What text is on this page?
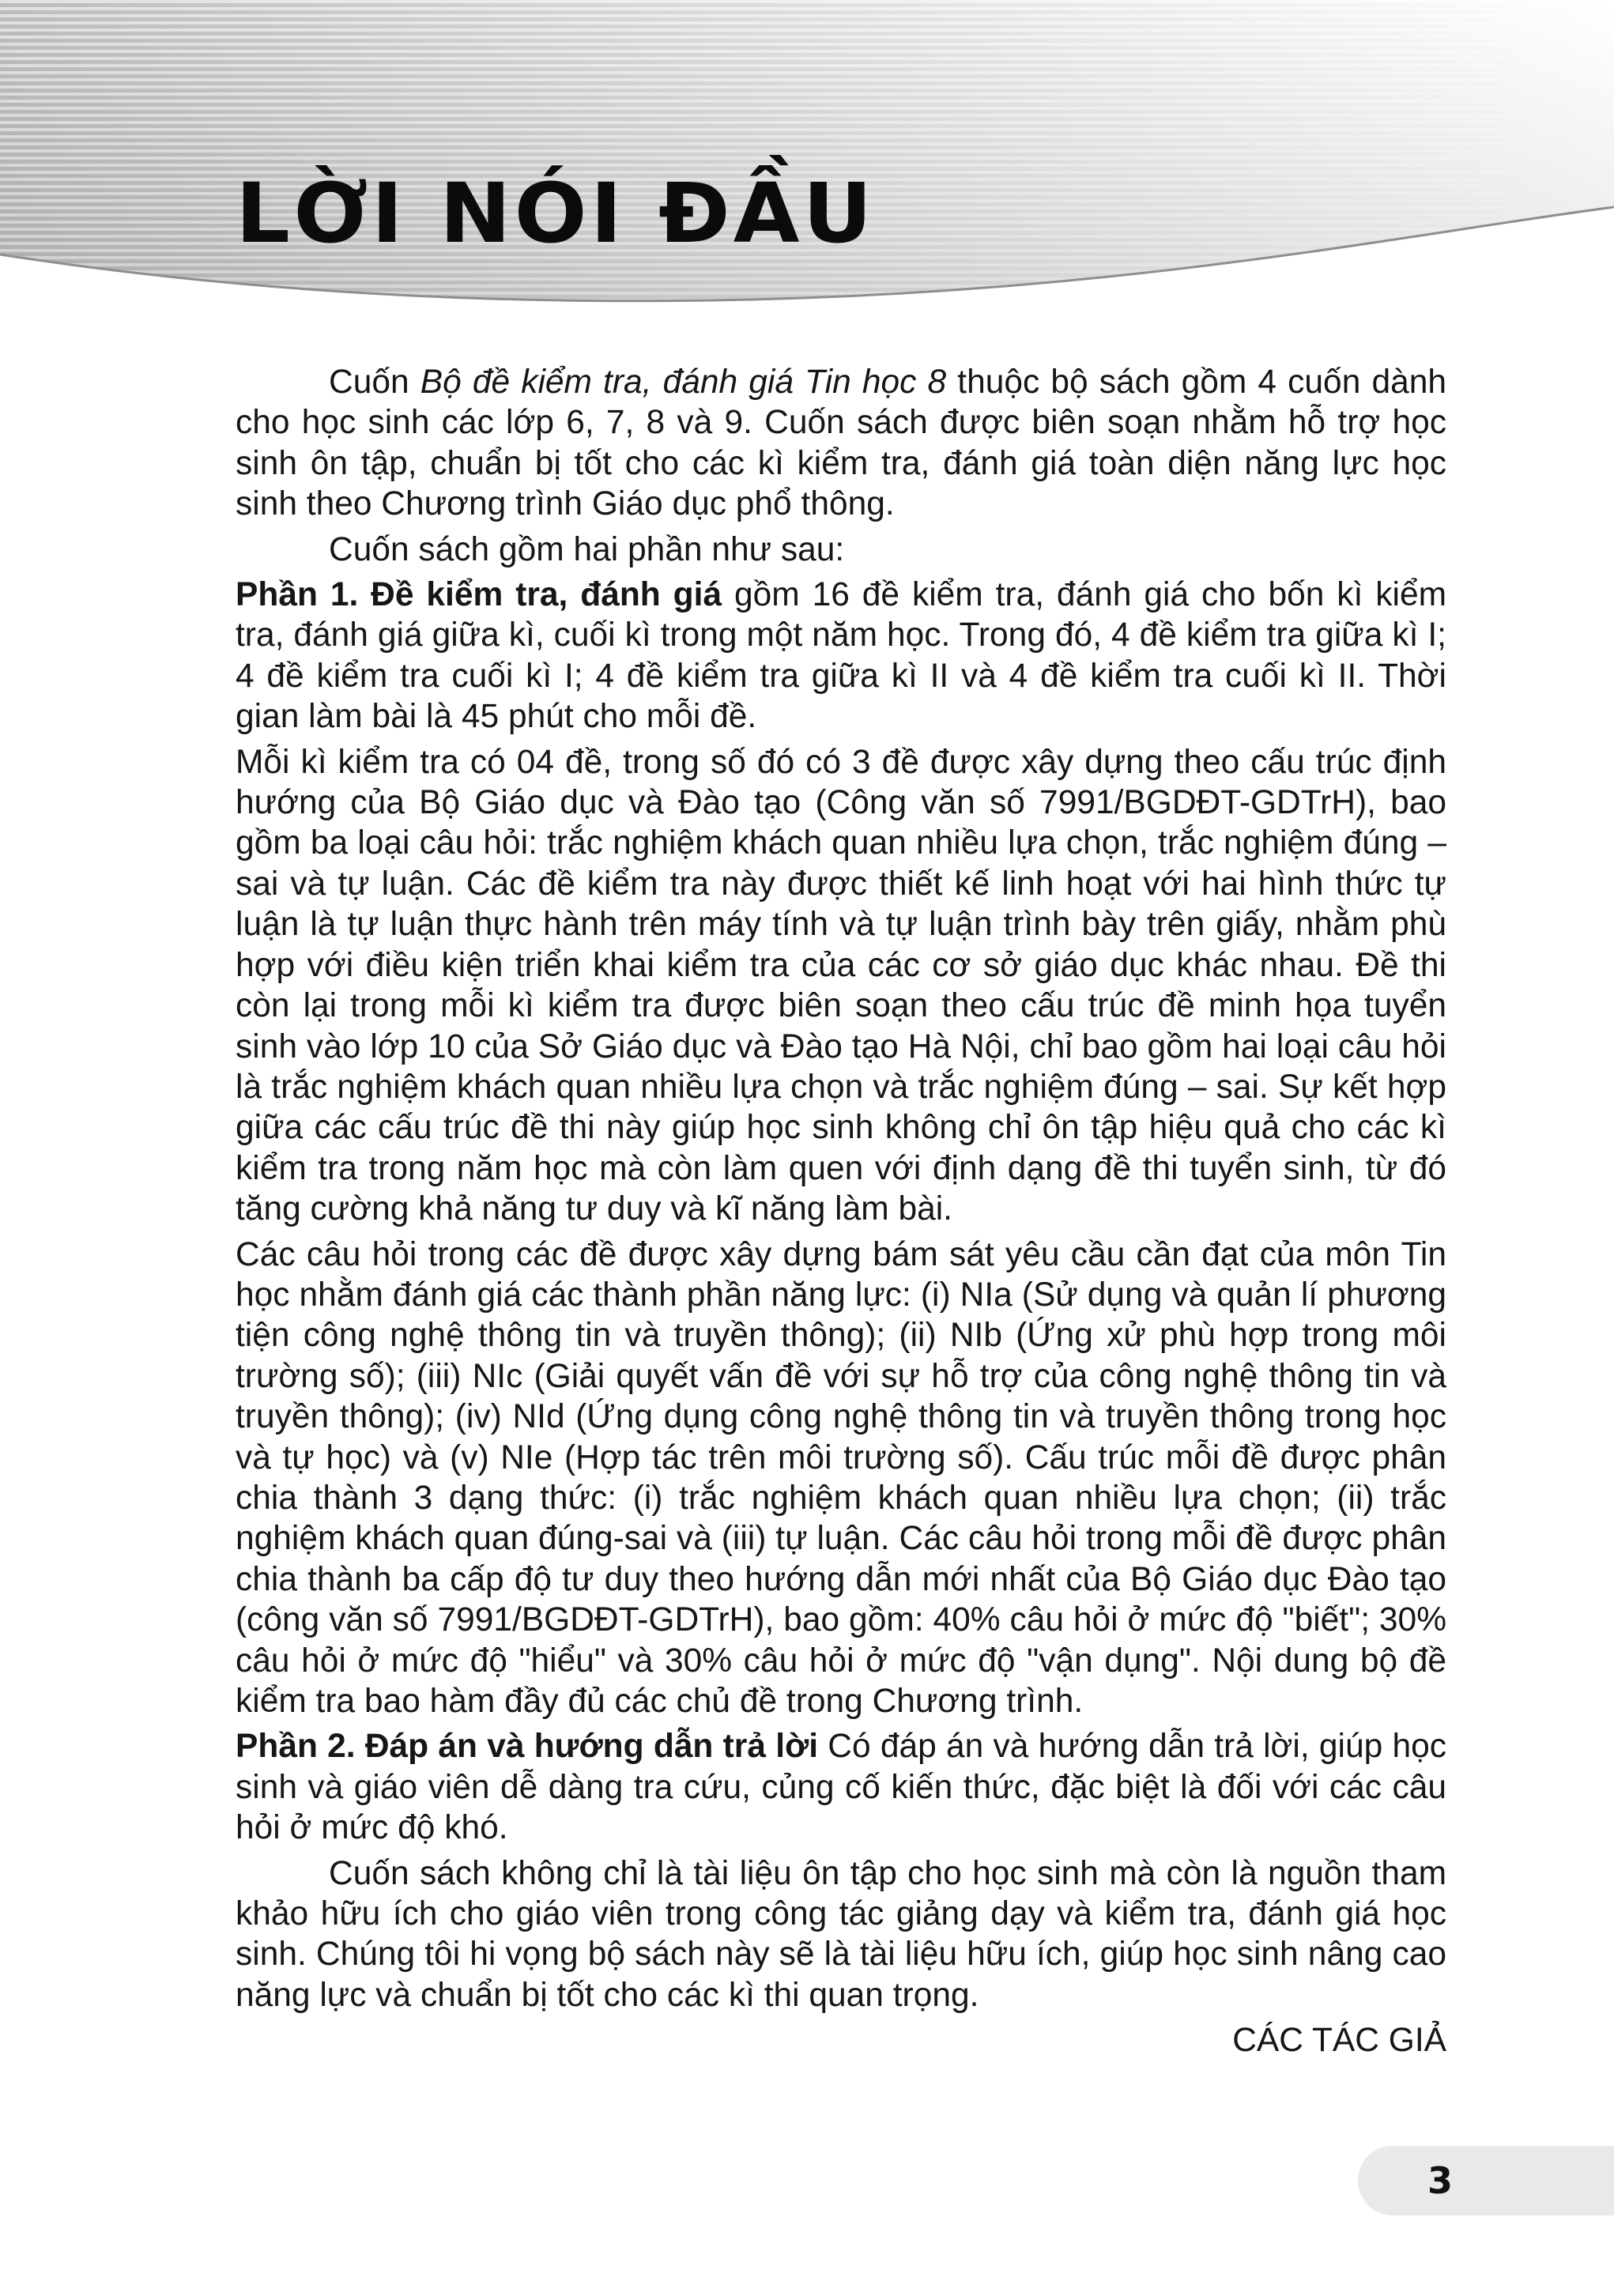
LỜI NÓI ĐẦU

Cuốn Bộ đề kiểm tra, đánh giá Tin học 8 thuộc bộ sách gồm 4 cuốn dành cho học sinh các lớp 6, 7, 8 và 9. Cuốn sách được biên soạn nhằm hỗ trợ học sinh ôn tập, chuẩn bị tốt cho các kì kiểm tra, đánh giá toàn diện năng lực học sinh theo Chương trình Giáo dục phổ thông.

Cuốn sách gồm hai phần như sau:

Phần 1. Đề kiểm tra, đánh giá gồm 16 đề kiểm tra, đánh giá cho bốn kì kiểm tra, đánh giá giữa kì, cuối kì trong một năm học. Trong đó, 4 đề kiểm tra giữa kì I; 4 đề kiểm tra cuối kì I; 4 đề kiểm tra giữa kì II và 4 đề kiểm tra cuối kì II. Thời gian làm bài là 45 phút cho mỗi đề.

Mỗi kì kiểm tra có 04 đề, trong số đó có 3 đề được xây dựng theo cấu trúc định hướng của Bộ Giáo dục và Đào tạo (Công văn số 7991/BGDĐT-GDTrH), bao gồm ba loại câu hỏi: trắc nghiệm khách quan nhiều lựa chọn, trắc nghiệm đúng – sai và tự luận. Các đề kiểm tra này được thiết kế linh hoạt với hai hình thức tự luận là tự luận thực hành trên máy tính và tự luận trình bày trên giấy, nhằm phù hợp với điều kiện triển khai kiểm tra của các cơ sở giáo dục khác nhau. Đề thi còn lại trong mỗi kì kiểm tra được biên soạn theo cấu trúc đề minh họa tuyển sinh vào lớp 10 của Sở Giáo dục và Đào tạo Hà Nội, chỉ bao gồm hai loại câu hỏi là trắc nghiệm khách quan nhiều lựa chọn và trắc nghiệm đúng – sai. Sự kết hợp giữa các cấu trúc đề thi này giúp học sinh không chỉ ôn tập hiệu quả cho các kì kiểm tra trong năm học mà còn làm quen với định dạng đề thi tuyển sinh, từ đó tăng cường khả năng tư duy và kĩ năng làm bài.

Các câu hỏi trong các đề được xây dựng bám sát yêu cầu cần đạt của môn Tin học nhằm đánh giá các thành phần năng lực: (i) NIa (Sử dụng và quản lí phương tiện công nghệ thông tin và truyền thông); (ii) NIb (Ứng xử phù hợp trong môi trường số); (iii) NIc (Giải quyết vấn đề với sự hỗ trợ của công nghệ thông tin và truyền thông); (iv) NId (Ứng dụng công nghệ thông tin và truyền thông trong học và tự học) và (v) NIe (Hợp tác trên môi trường số). Cấu trúc mỗi đề được phân chia thành 3 dạng thức: (i) trắc nghiệm khách quan nhiều lựa chọn; (ii) trắc nghiệm khách quan đúng-sai và (iii) tự luận. Các câu hỏi trong mỗi đề được phân chia thành ba cấp độ tư duy theo hướng dẫn mới nhất của Bộ Giáo dục Đào tạo (công văn số 7991/BGDĐT-GDTrH), bao gồm: 40% câu hỏi ở mức độ "biết"; 30% câu hỏi ở mức độ "hiểu" và 30% câu hỏi ở mức độ "vận dụng". Nội dung bộ đề kiểm tra bao hàm đầy đủ các chủ đề trong Chương trình.

Phần 2. Đáp án và hướng dẫn trả lời Có đáp án và hướng dẫn trả lời, giúp học sinh và giáo viên dễ dàng tra cứu, củng cố kiến thức, đặc biệt là đối với các câu hỏi ở mức độ khó.

Cuốn sách không chỉ là tài liệu ôn tập cho học sinh mà còn là nguồn tham khảo hữu ích cho giáo viên trong công tác giảng dạy và kiểm tra, đánh giá học sinh. Chúng tôi hi vọng bộ sách này sẽ là tài liệu hữu ích, giúp học sinh nâng cao năng lực và chuẩn bị tốt cho các kì thi quan trọng.

CÁC TÁC GIẢ

3
